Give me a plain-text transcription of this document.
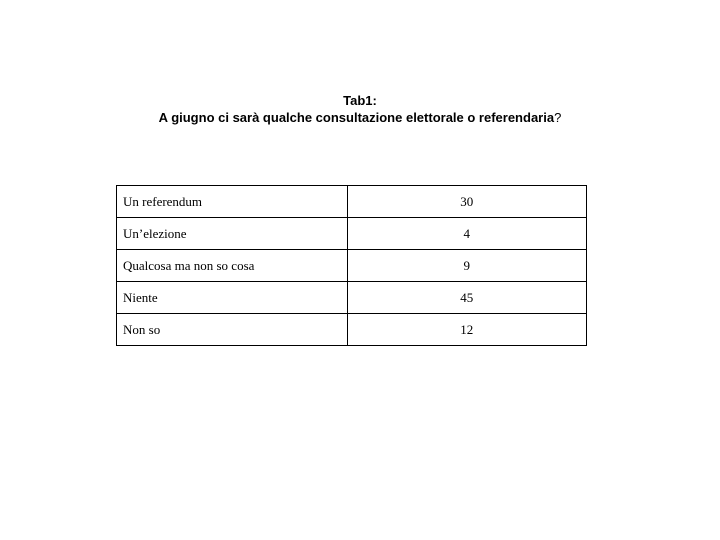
Tab1:
A giugno ci sarà qualche consultazione elettorale o referendaria?
Un referendum	30
Un’elezione	4
Qualcosa ma non so cosa	9
Niente	45
Non so	12
